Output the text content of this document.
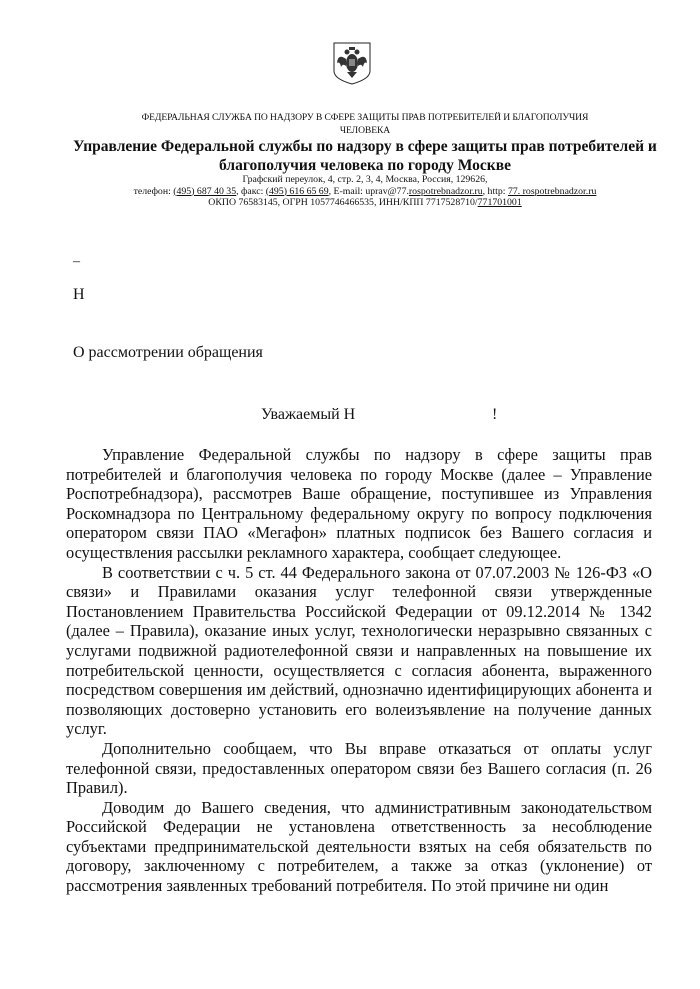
ФЕДЕРАЛЬНАЯ СЛУЖБА ПО НАДЗОРУ В СФЕРЕ ЗАЩИТЫ ПРАВ ПОТРЕБИТЕЛЕЙ И БЛАГОПОЛУЧИЯ
ЧЕЛОВЕКА
Управление Федеральной службы по надзору в сфере защиты прав потребителей и
благополучия человека по городу Москве
Графский переулок, 4, стр. 2, 3, 4, Москва, Россия, 129626,
телефон: (495) 687 40 35, факс: (495) 616 65 69, E-mail: uprav@77.rospotrebnadzor.ru, http: 77. rospotrebnadzor.ru
ОКПО 76583145, ОГРН 1057746466535, ИНН/КПП 7717528710/771701001
–
Н
О рассмотрении обращения
Уважаемый Н	!

Управление Федеральной службы по надзору в сфере защиты прав потребителей и благополучия человека по городу Москве (далее – Управление Роспотребнадзора), рассмотрев Ваше обращение, поступившее из Управления Роскомнадзора по Центральному федеральному округу по вопросу подключения оператором связи ПАО «Мегафон» платных подписок без Вашего согласия и осуществления рассылки рекламного характера, сообщает следующее.

В соответствии с ч. 5 ст. 44 Федерального закона от 07.07.2003 № 126-ФЗ «О связи» и Правилами оказания услуг телефонной связи утвержденные Постановлением Правительства Российской Федерации от 09.12.2014 № 1342 (далее – Правила), оказание иных услуг, технологически неразрывно связанных с услугами подвижной радиотелефонной связи и направленных на повышение их потребительской ценности, осуществляется с согласия абонента, выраженного посредством совершения им действий, однозначно идентифицирующих абонента и позволяющих достоверно установить его волеизъявление на получение данных услуг.

Дополнительно сообщаем, что Вы вправе отказаться от оплаты услуг телефонной связи, предоставленных оператором связи без Вашего согласия (п. 26 Правил).

Доводим до Вашего сведения, что административным законодательством Российской Федерации не установлена ответственность за несоблюдение субъектами предпринимательской деятельности взятых на себя обязательств по договору, заключенному с потребителем, а также за отказ (уклонение) от рассмотрения заявленных требований потребителя. По этой причине ни один
